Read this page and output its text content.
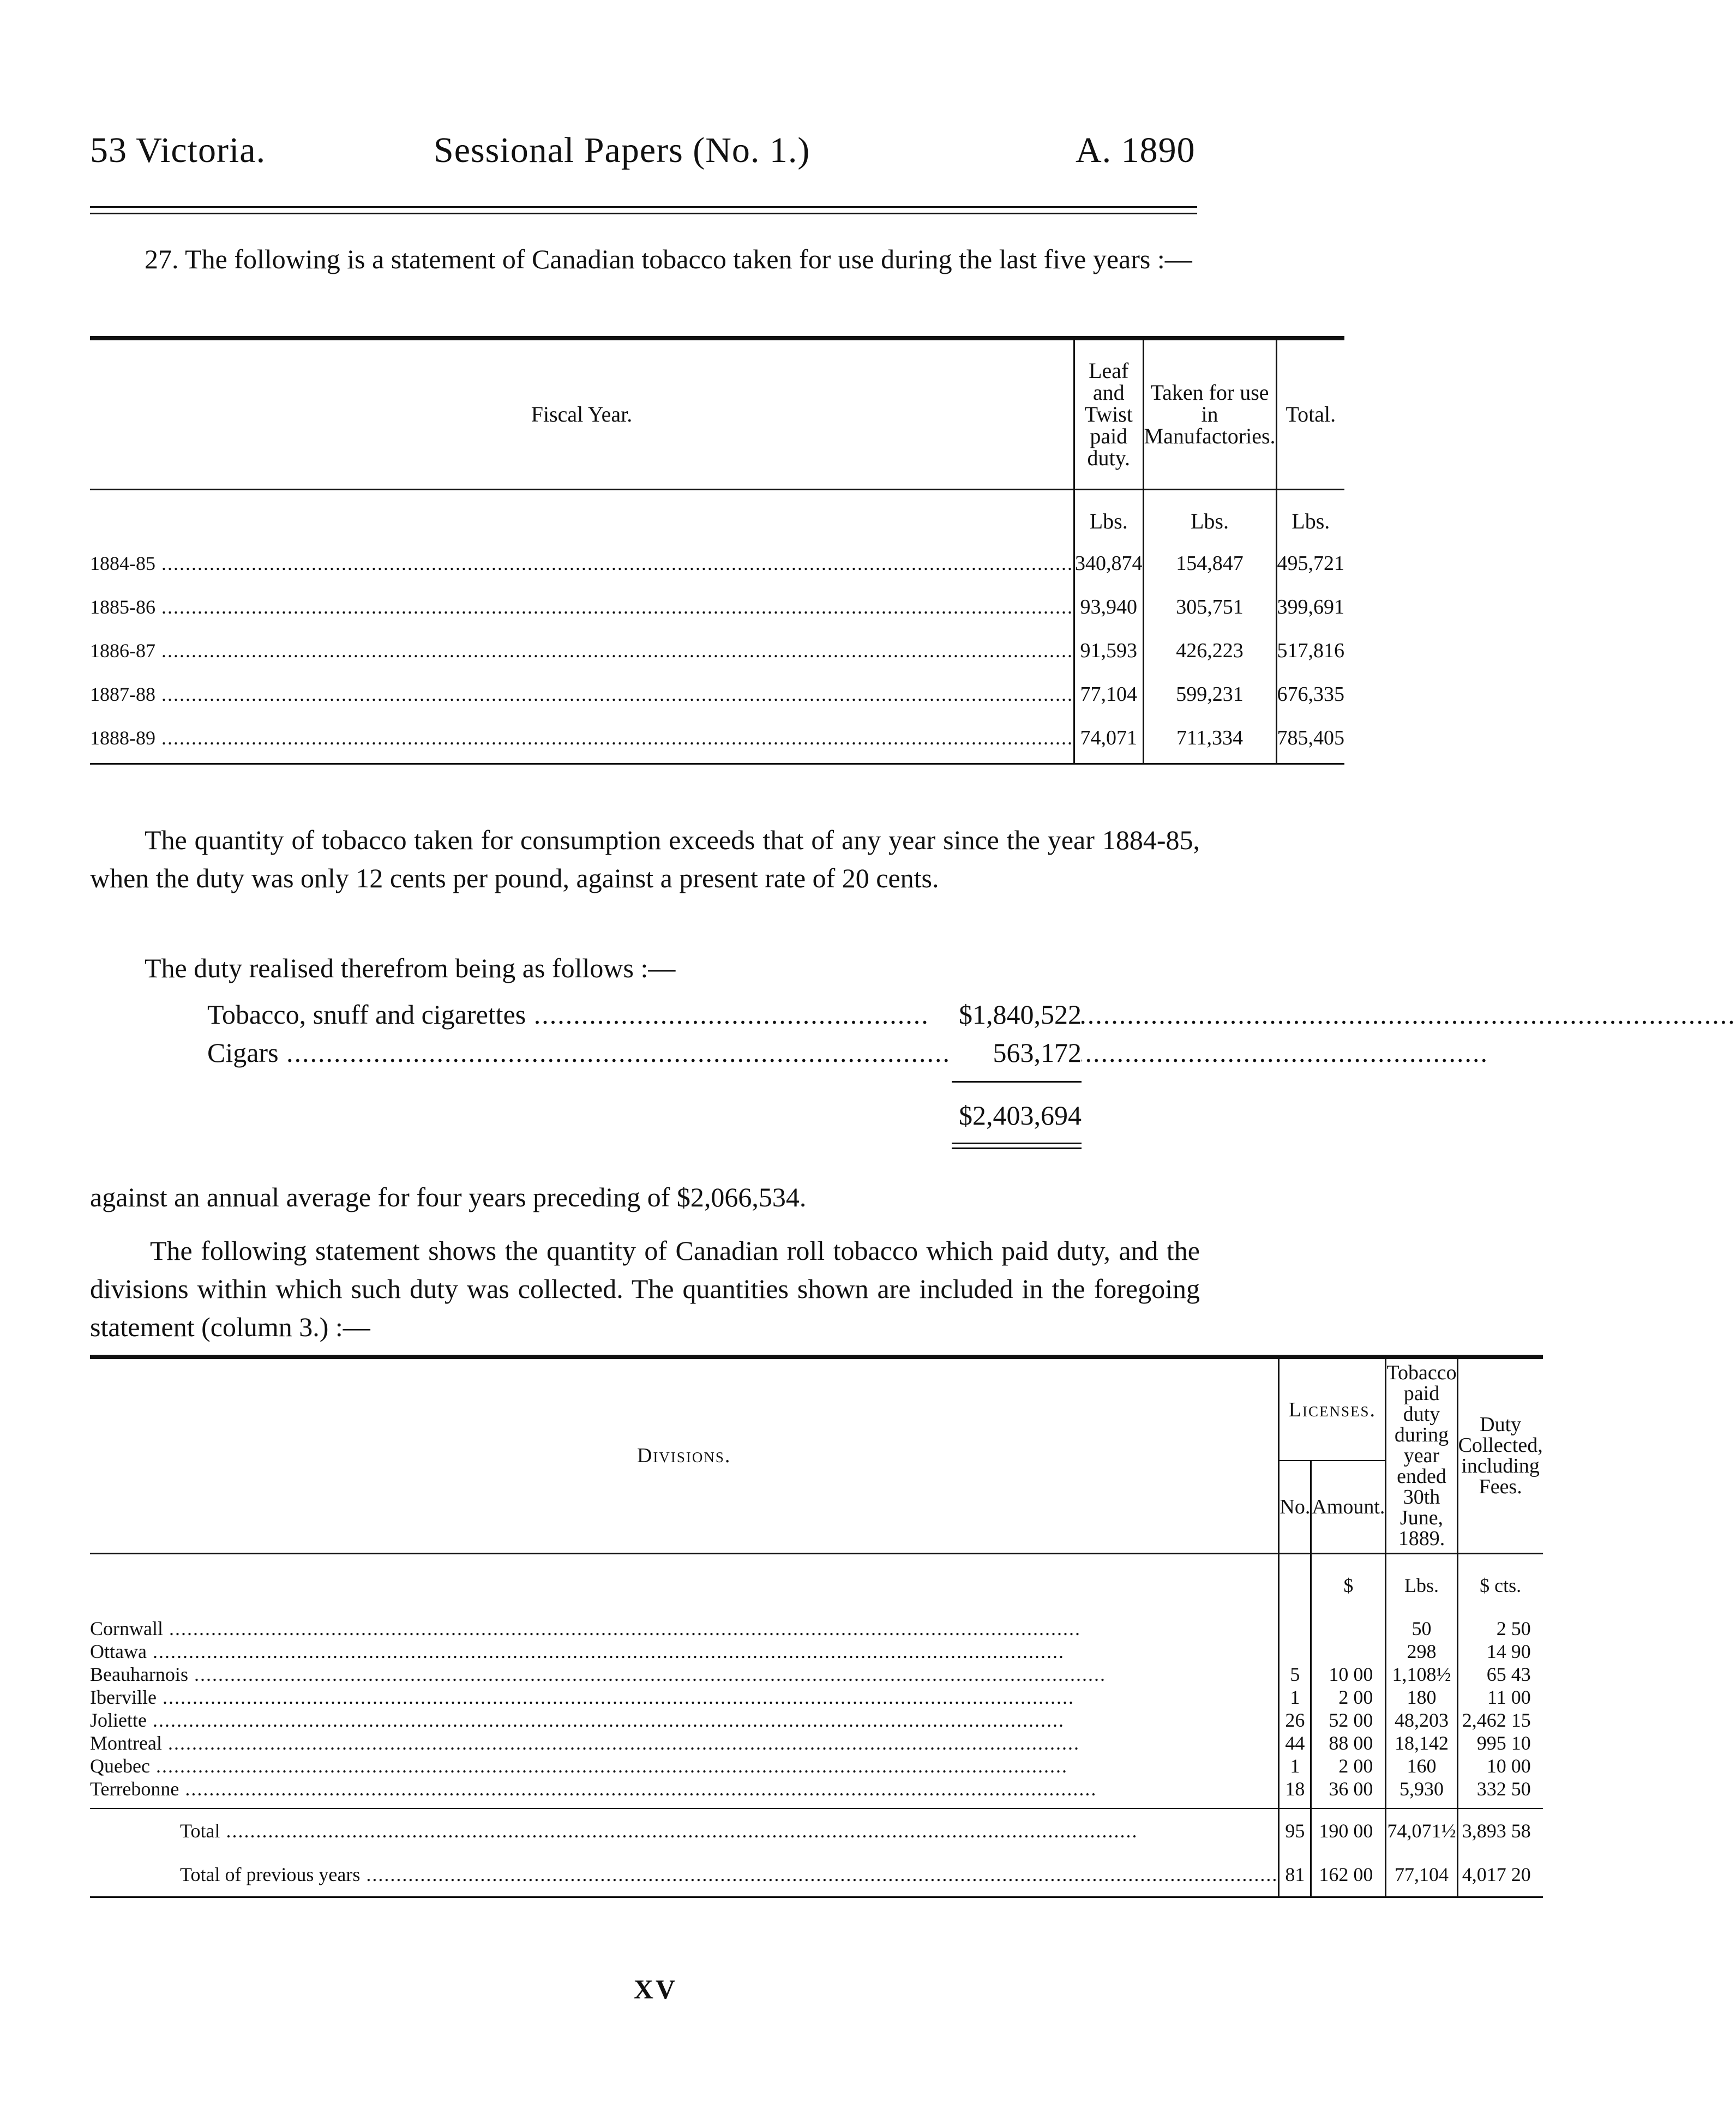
53 Victoria.	Sessional Papers (No. 1.)	A. 1890
27. The following is a statement of Canadian tobacco taken for use during the last five years :—
Fiscal Year.	Leaf and Twist paid duty.	Taken for use in Manufactories.	Total.
	Lbs.	Lbs.	Lbs.
1884-85 .....	340,874	154,847	495,721
1885-86 .....	93,940	305,751	399,691
1886-87 .....	91,593	426,223	517,816
1887-88 .....	77,104	599,231	676,335
1888-89 .....	74,071	711,334	785,405
The quantity of tobacco taken for consumption exceeds that of any year since the year 1884-85, when the duty was only 12 cents per pound, against a present rate of 20 cents.
The duty realised therefrom being as follows :—
Tobacco, snuff and cigarettes .....	$1,840,522
Cigars .....	563,172
$2,403,694
against an annual average for four years preceding of $2,066,534.
The following statement shows the quantity of Canadian roll tobacco which paid duty, and the divisions within which such duty was collected. The quantities shown are included in the foregoing statement (column 3.) :—
Divisions.	Licenses.		Tobacco paid duty during year ended 30th June, 1889.	Duty Collected, including Fees.
	No.	Amount.		
		$	Lbs.	$ cts.
Cornwall .....			50	2 50
Ottawa .....			298	14 90
Beauharnois .....	5	10 00	1,108½	65 43
Iberville .....	1	2 00	180	11 00
Joliette .....	26	52 00	48,203	2,462 15
Montreal .....	44	88 00	18,142	995 10
Quebec .....	1	2 00	160	10 00
Terrebonne .....	18	36 00	5,930	332 50
Total .....	95	190 00	74,071½	3,893 58
Total of previous years .....	81	162 00	77,104	4,017 20
XV
